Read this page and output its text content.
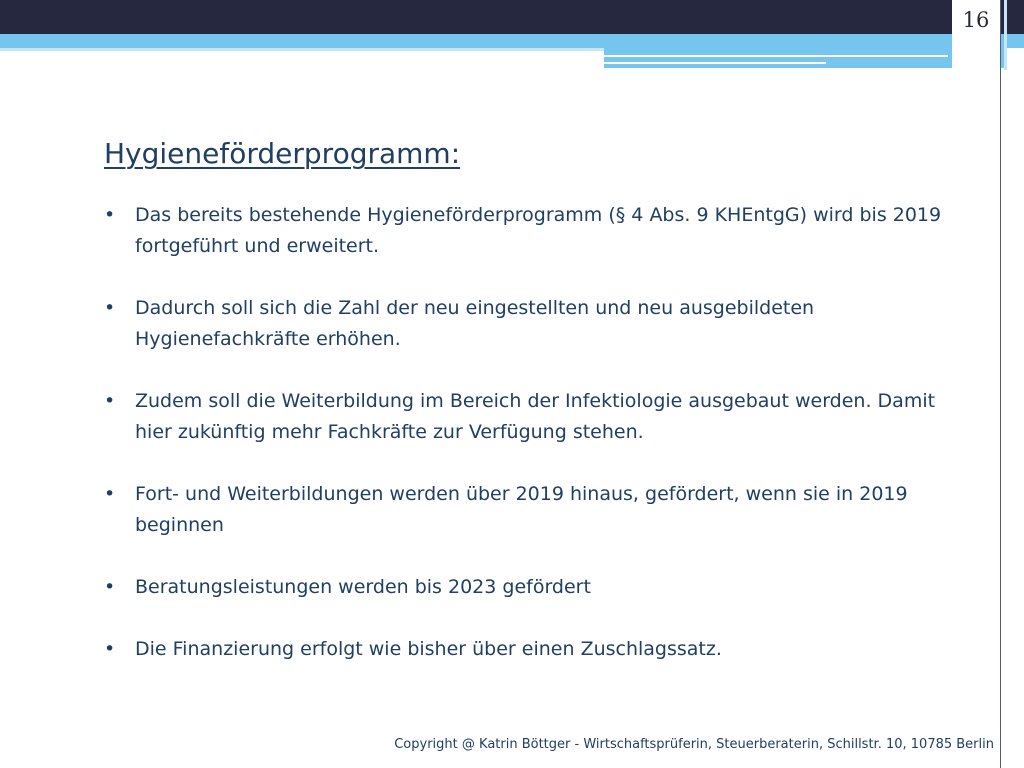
16
Hygieneförderprogramm:
• Das bereits bestehende Hygieneförderprogramm (§ 4 Abs. 9 KHEntgG) wird bis 2019 fortgeführt und erweitert.
• Dadurch soll sich die Zahl der neu eingestellten und neu ausgebildeten Hygienefachkräfte erhöhen.
• Zudem soll die Weiterbildung im Bereich der Infektiologie ausgebaut werden. Damit hier zukünftig mehr Fachkräfte zur Verfügung stehen.
• Fort- und Weiterbildungen werden über 2019 hinaus, gefördert, wenn sie in 2019 beginnen
• Beratungsleistungen werden bis 2023 gefördert
• Die Finanzierung erfolgt wie bisher über einen Zuschlagssatz.
Copyright @ Katrin Böttger - Wirtschaftsprüferin, Steuerberaterin, Schillstr. 10, 10785 Berlin
